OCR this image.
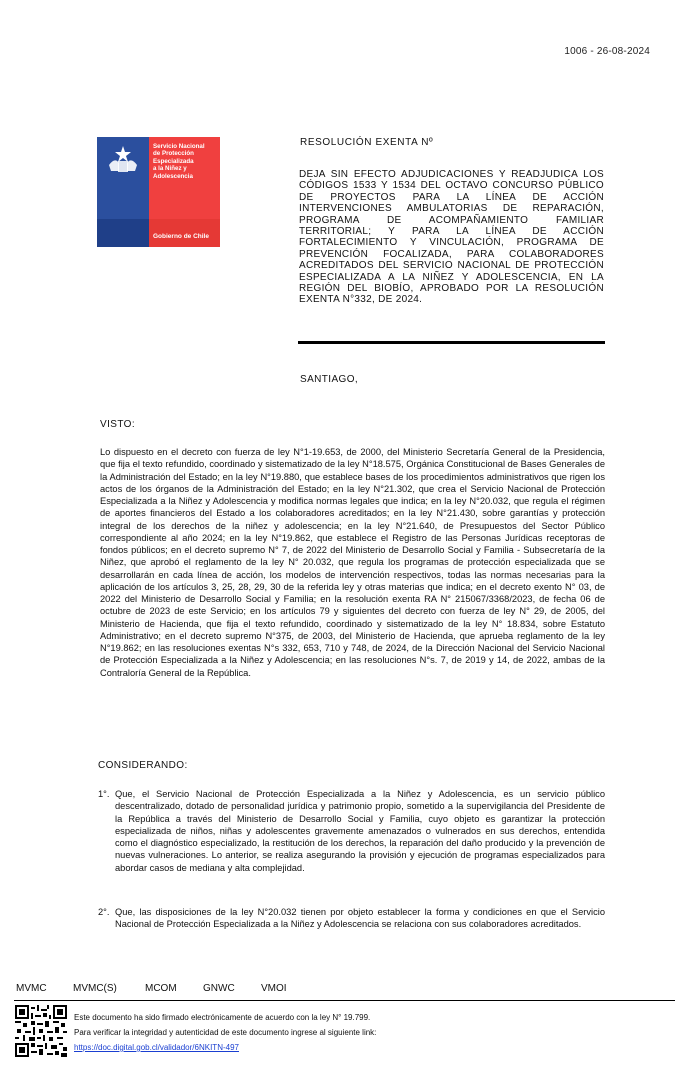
1006 - 26-08-2024
Servicio Nacional
de Protección
Especializada
a la Niñez y
Adolescencia
Gobierno de Chile
RESOLUCIÓN EXENTA Nº
DEJA SIN EFECTO ADJUDICACIONES Y READJUDICA LOS CÓDIGOS 1533 Y 1534 DEL OCTAVO CONCURSO PÚBLICO DE PROYECTOS PARA LA LÍNEA DE ACCIÓN INTERVENCIONES AMBULATORIAS DE REPARACIÓN, PROGRAMA DE ACOMPAÑAMIENTO FAMILIAR TERRITORIAL; Y PARA LA LÍNEA DE ACCIÓN FORTALECIMIENTO Y VINCULACIÓN, PROGRAMA DE PREVENCIÓN FOCALIZADA, PARA COLABORADORES ACREDITADOS DEL SERVICIO NACIONAL DE PROTECCIÓN ESPECIALIZADA A LA NIÑEZ Y ADOLESCENCIA, EN LA REGIÓN DEL BIOBÍO, APROBADO POR LA RESOLUCIÓN EXENTA N°332, DE 2024.
SANTIAGO,
VISTO:
Lo dispuesto en el decreto con fuerza de ley N°1-19.653, de 2000, del Ministerio Secretaría General de la Presidencia, que fija el texto refundido, coordinado y sistematizado de la ley N°18.575, Orgánica Constitucional de Bases Generales de la Administración del Estado; en la ley N°19.880, que establece bases de los procedimientos administrativos que rigen los actos de los órganos de la Administración del Estado; en la ley N°21.302, que crea el Servicio Nacional de Protección Especializada a la Niñez y Adolescencia y modifica normas legales que indica; en la ley N°20.032, que regula el régimen de aportes financieros del Estado a los colaboradores acreditados; en la ley N°21.430, sobre garantías y protección integral de los derechos de la niñez y adolescencia; en la ley N°21.640, de Presupuestos del Sector Público correspondiente al año 2024; en la ley N°19.862, que establece el Registro de las Personas Jurídicas receptoras de fondos públicos; en el decreto supremo N° 7, de 2022 del Ministerio de Desarrollo Social y Familia - Subsecretaría de la Niñez, que aprobó el reglamento de la ley N° 20.032, que regula los programas de protección especializada que se desarrollarán en cada línea de acción, los modelos de intervención respectivos, todas las normas necesarias para la aplicación de los artículos 3, 25, 28, 29, 30 de la referida ley y otras materias que indica; en el decreto exento N° 03, de 2022 del Ministerio de Desarrollo Social y Familia; en la resolución exenta RA N° 215067/3368/2023, de fecha 06 de octubre de 2023 de este Servicio; en los artículos 79 y siguientes del decreto con fuerza de ley N° 29, de 2005, del Ministerio de Hacienda, que fija el texto refundido, coordinado y sistematizado de la ley N° 18.834, sobre Estatuto Administrativo; en el decreto supremo N°375, de 2003, del Ministerio de Hacienda, que aprueba reglamento de la ley N°19.862; en las resoluciones exentas N°s 332, 653, 710 y 748, de 2024, de la Dirección Nacional del Servicio Nacional de Protección Especializada a la Niñez y Adolescencia; en las resoluciones N°s. 7, de 2019 y 14, de 2022, ambas de la Contraloría General de la República.
CONSIDERANDO:
1°. Que, el Servicio Nacional de Protección Especializada a la Niñez y Adolescencia, es un servicio público descentralizado, dotado de personalidad jurídica y patrimonio propio, sometido a la supervigilancia del Presidente de la República a través del Ministerio de Desarrollo Social y Familia, cuyo objeto es garantizar la protección especializada de niños, niñas y adolescentes gravemente amenazados o vulnerados en sus derechos, entendida como el diagnóstico especializado, la restitución de los derechos, la reparación del daño producido y la prevención de nuevas vulneraciones. Lo anterior, se realiza asegurando la provisión y ejecución de programas especializados para abordar casos de mediana y alta complejidad.
2°. Que, las disposiciones de la ley N°20.032 tienen por objeto establecer la forma y condiciones en que el Servicio Nacional de Protección Especializada a la Niñez y Adolescencia se relaciona con sus colaboradores acreditados.
MVMC	MVMC(S)	MCOM	GNWC	VMOI
Este documento ha sido firmado electrónicamente de acuerdo con la ley N° 19.799.
Para verificar la integridad y autenticidad de este documento ingrese al siguiente link:
https://doc.digital.gob.cl/validador/6NKITN-497
